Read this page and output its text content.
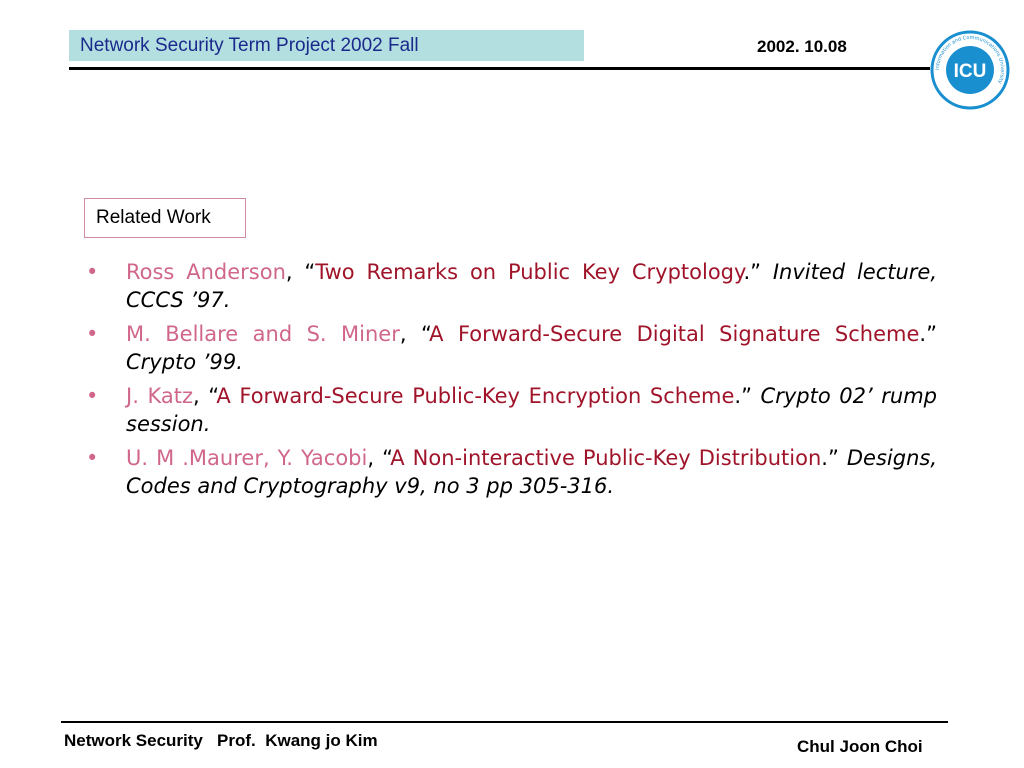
Network Security Term Project 2002 Fall	2002. 10.08
Information and Communications University
ICU
Related Work
• Ross Anderson, “Two Remarks on Public Key Cryptology.” Invited lecture, CCCS ’97.
• M. Bellare and S. Miner, “A Forward-Secure Digital Signature Scheme.” Crypto ’99.
• J. Katz, “A Forward-Secure Public-Key Encryption Scheme.” Crypto 02’ rump session.
• U. M .Maurer, Y. Yacobi, “A Non-interactive Public-Key Distribution.” Designs, Codes and Cryptography v9, no 3 pp 305-316.
Network Security   Prof.  Kwang jo Kim	Chul Joon Choi
